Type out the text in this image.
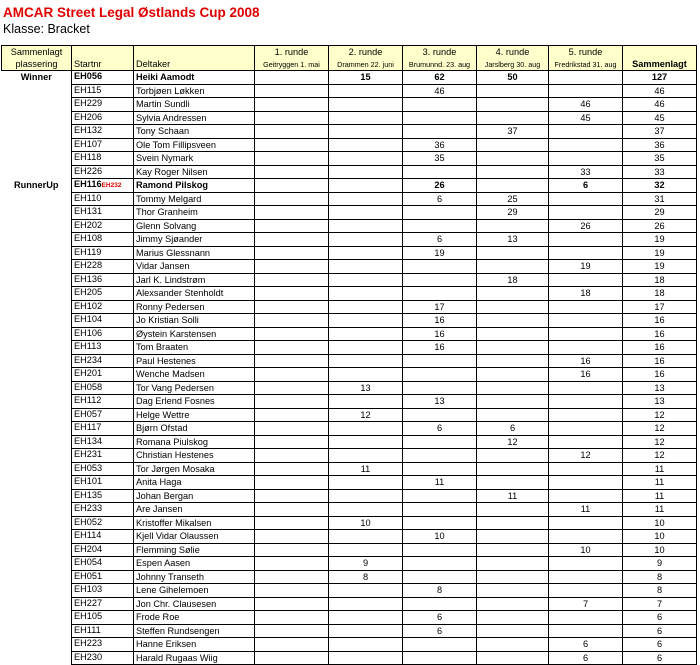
AMCAR Street Legal Østlands Cup 2008
Klasse: Bracket
Sammenlagt			1. runde	2. runde	3. runde	4. runde	5. runde	
plassering	Startnr	Deltaker	Geitryggen 1. mai	Drammen 22. juni	Brumunnd. 23. aug	Jarslberg 30. aug	Fredrikstad 31. aug	Sammenlagt
Winner	EH056	Heiki Aamodt		15	62	50		127
	EH115	Torbjøen Løkken			46			46
	EH229	Martin Sundli					46	46
	EH206	Sylvia Andressen					45	45
	EH132	Tony Schaan				37		37
	EH107	Ole Tom Fillipsveen			36			36
	EH118	Svein Nymark			35			35
	EH226	Kay Roger Nilsen					33	33
RunnerUp	EH116EH232	Ramond Pilskog			26		6	32
	EH110	Tommy Melgard			6	25		31
	EH131	Thor Granheim				29		29
	EH202	Glenn Solvang					26	26
	EH108	Jimmy Sjøander			6	13		19
	EH119	Marius Glessnann			19			19
	EH228	Vidar Jansen					19	19
	EH136	Jarl K. Lindstrøm				18		18
	EH205	Alexsander Stenholdt					18	18
	EH102	Ronny Pedersen			17			17
	EH104	Jo Kristian Solli			16			16
	EH106	Øystein Karstensen			16			16
	EH113	Tom Braaten			16			16
	EH234	Paul Hestenes					16	16
	EH201	Wenche Madsen					16	16
	EH058	Tor Vang Pedersen		13				13
	EH112	Dag Erlend Fosnes			13			13
	EH057	Helge Wettre		12				12
	EH117	Bjørn Ofstad			6	6		12
	EH134	Romana Piulskog				12		12
	EH231	Christian Hestenes					12	12
	EH053	Tor Jørgen Mosaka		11				11
	EH101	Anita Haga			11			11
	EH135	Johan Bergan				11		11
	EH233	Are Jansen					11	11
	EH052	Kristoffer Mikalsen		10				10
	EH114	Kjell Vidar Olaussen			10			10
	EH204	Flemming Sølie					10	10
	EH054	Espen Aasen		9				9
	EH051	Johnny Transeth		8				8
	EH103	Lene Gihelemoen			8			8
	EH227	Jon Chr. Clausesen					7	7
	EH105	Frode Roe			6			6
	EH111	Steffen Rundsengen			6			6
	EH223	Hanne Eriksen					6	6
	EH230	Harald Rugaas Wiig					6	6
